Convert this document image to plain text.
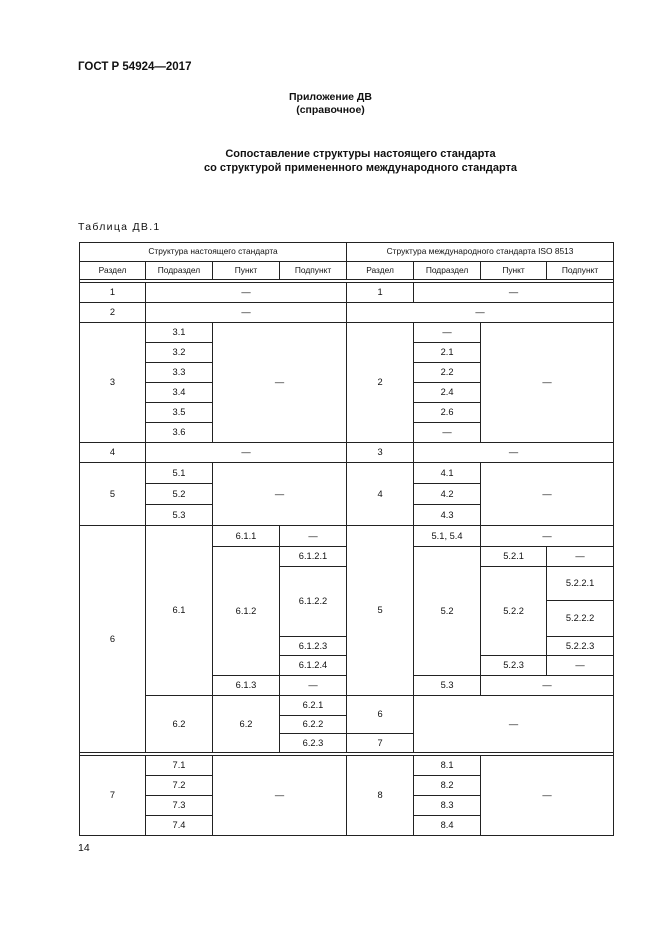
ГОСТ Р 54924—2017
Приложение ДВ
(справочное)
Сопоставление структуры настоящего стандарта
со структурой примененного международного стандарта
Таблица ДВ.1
Структура настоящего стандарта				Структура международного стандарта ISO 8513			
Раздел	Подраздел	Пункт	Подпункт	Раздел	Подраздел	Пункт	Подпункт

1	—			1	—		
2	—			—			
3	3.1	—		2	—	—	
	3.2				2.1		
	3.3				2.2		
	3.4				2.4		
	3.5				2.6		
	3.6				—		
4	—			3	—		
5	5.1	—		4	4.1	—	
	5.2				4.2		
	5.3				4.3		
6	6.1	6.1.1	—	5	5.1, 5.4	—	
		6.1.2	6.1.2.1		5.2	5.2.1	—
			6.1.2.2			5.2.2	5.2.2.1
							5.2.2.2
			6.1.2.3				5.2.2.3
			6.1.2.4			5.2.3	—
		6.1.3	—		5.3	—	
	6.2	6.2	6.2.1	6	—		
			6.2.2				
			6.2.3	7			

7	7.1	—		8	8.1	—	
	7.2				8.2		
	7.3				8.3		
	7.4				8.4		
14
